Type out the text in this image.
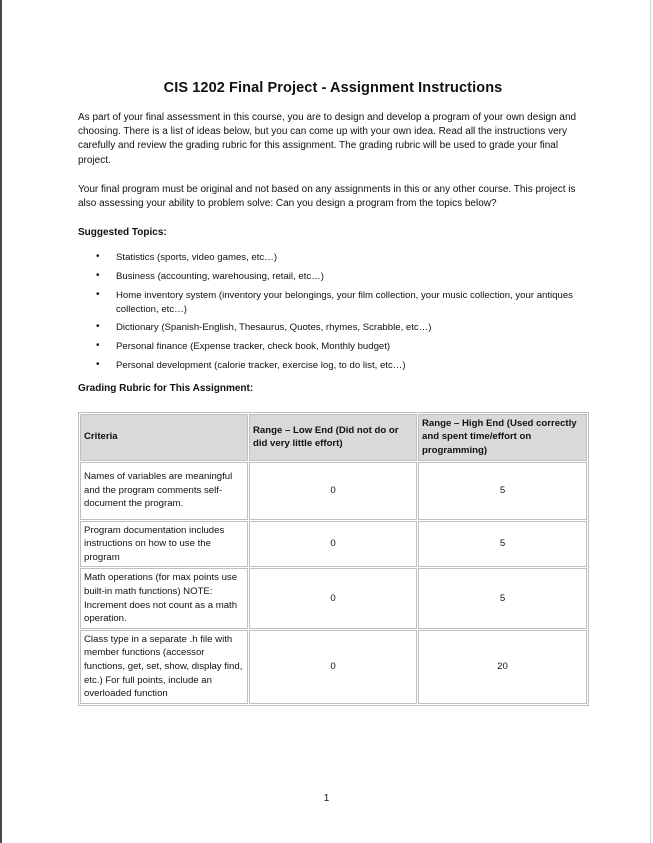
CIS 1202 Final Project - Assignment Instructions

As part of your final assessment in this course, you are to design and develop a program of your own design and choosing. There is a list of ideas below, but you can come up with your own idea. Read all the instructions very carefully and review the grading rubric for this assignment. The grading rubric will be used to grade your final project.

Your final program must be original and not based on any assignments in this or any other course. This project is also assessing your ability to problem solve: Can you design a program from the topics below?

Suggested Topics:

• Statistics (sports, video games, etc…)
• Business (accounting, warehousing, retail, etc…)
• Home inventory system (inventory your belongings, your film collection, your music collection, your antiques collection, etc…)
• Dictionary (Spanish-English, Thesaurus, Quotes, rhymes, Scrabble, etc…)
• Personal finance (Expense tracker, check book, Monthly budget)
• Personal development (calorie tracker, exercise log, to do list, etc…)

Grading Rubric for This Assignment:

Criteria	Range – Low End (Did not do or did very little effort)	Range – High End (Used correctly and spent time/effort on programming)
Names of variables are meaningful and the program comments self-document the program.	0	5
Program documentation includes instructions on how to use the program	0	5
Math operations (for max points use built-in math functions) NOTE: Increment does not count as a math operation.	0	5
Class type in a separate .h file with member functions (accessor functions, get, set, show, display find, etc.) For full points, include an overloaded function	0	20
1
